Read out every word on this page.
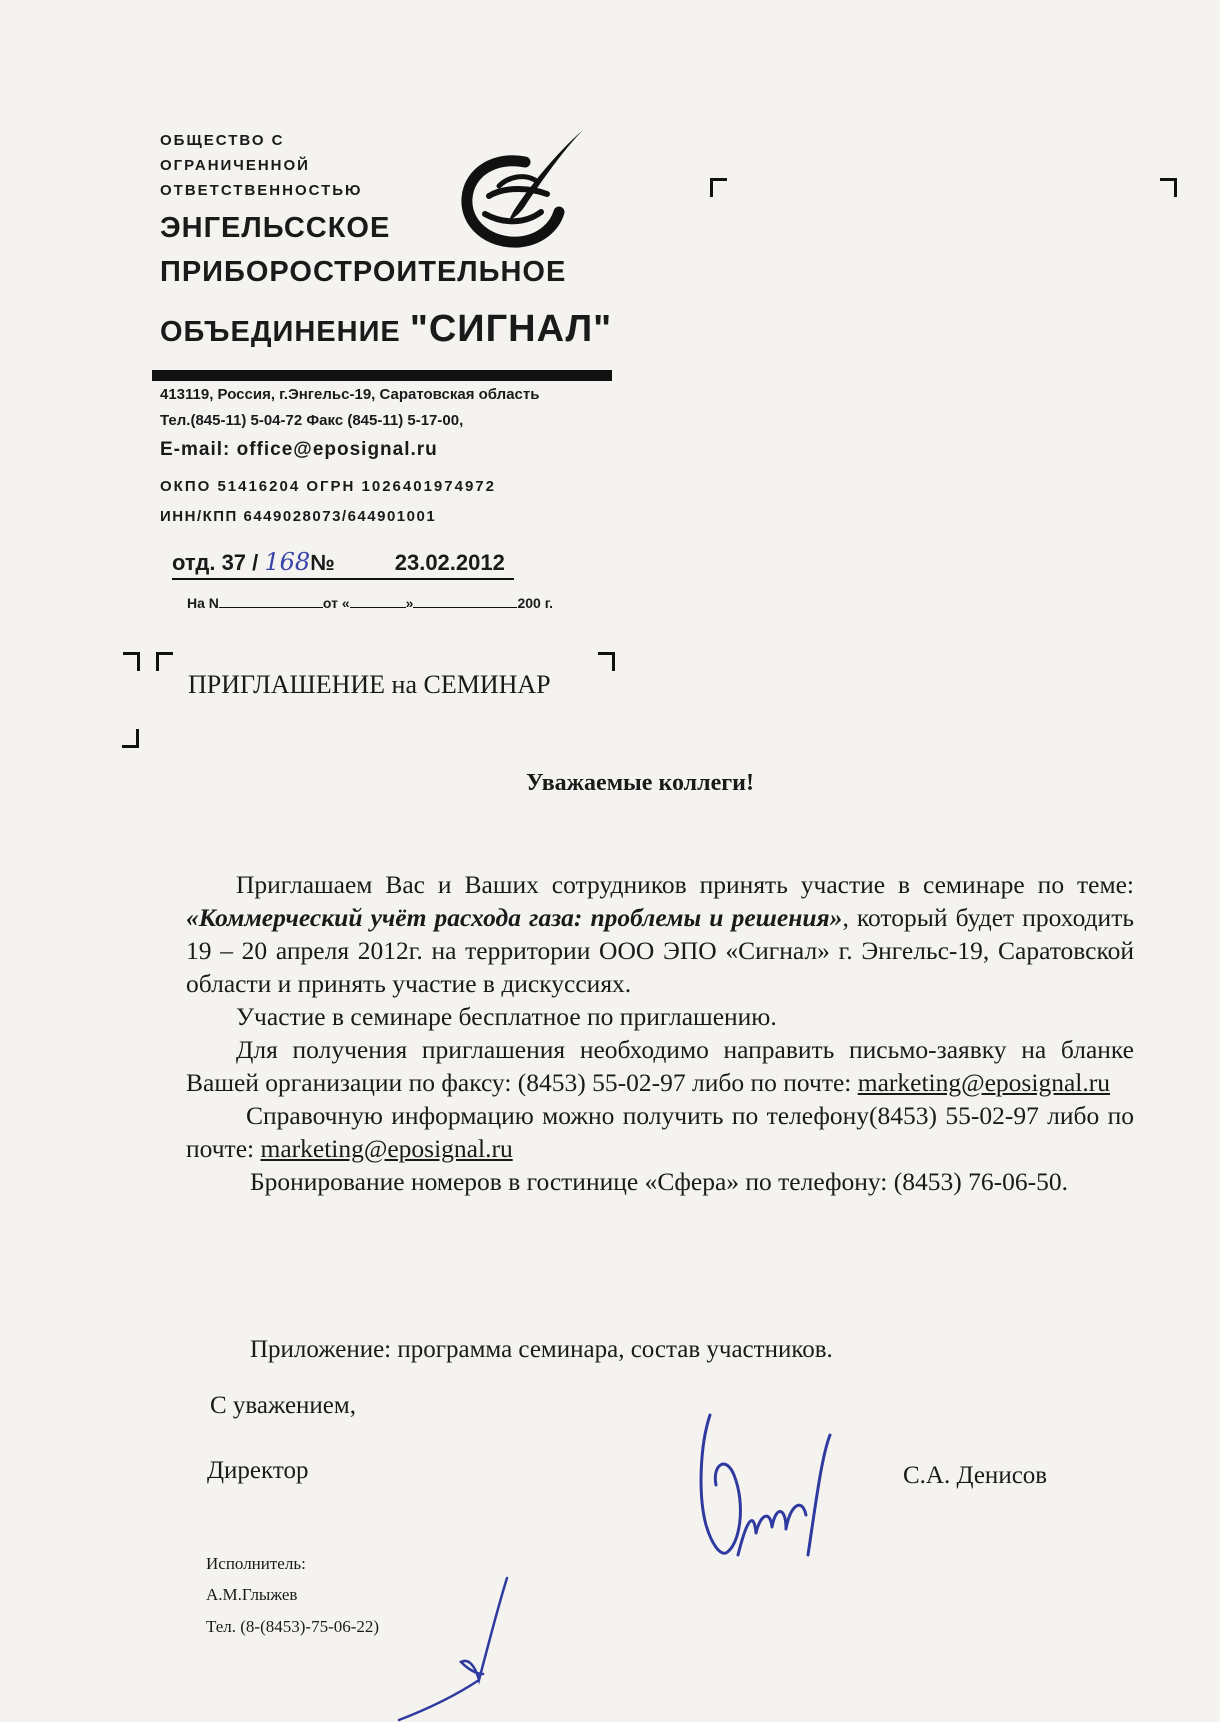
ОБЩЕСТВО С
ОГРАНИЧЕННОЙ
ОТВЕТСТВЕННОСТЬЮ
ЭНГЕЛЬССКОЕ
ПРИБОРОСТРОИТЕЛЬНОЕ
ОБЪЕДИНЕНИЕ "СИГНАЛ"
413119, Россия, г.Энгельс-19, Саратовская область
Тел.(845-11) 5-04-72 Факс (845-11) 5-17-00,
E-mail: office@eposignal.ru
ОКПО 51416204 ОГРН 1026401974972
ИНН/КПП 6449028073/644901001
отд. 37 / 168№	23.02.2012
На N	от «	»	200 г.
ПРИГЛАШЕНИЕ на СЕМИНАР
Уважаемые коллеги!

Приглашаем Вас и Ваших сотрудников принять участие в семинаре по теме: «Коммерческий учёт расхода газа: проблемы и решения», который будет проходить 19 – 20 апреля 2012г. на территории ООО ЭПО «Сигнал» г. Энгельс-19, Саратовской области и принять участие в дискуссиях.

Участие в семинаре бесплатное по приглашению.

Для получения приглашения необходимо направить письмо-заявку на бланке Вашей организации по факсу: (8453) 55-02-97 либо по почте: marketing@eposignal.ru

Справочную информацию можно получить по телефону(8453) 55-02-97 либо по почте: marketing@eposignal.ru

Бронирование номеров в гостинице «Сфера» по телефону: (8453) 76-06-50.

Приложение: программа семинара, состав участников.
С уважением,
Директор	С.А. Денисов
Исполнитель:
А.М.Глыжев
Тел. (8-(8453)-75-06-22)
